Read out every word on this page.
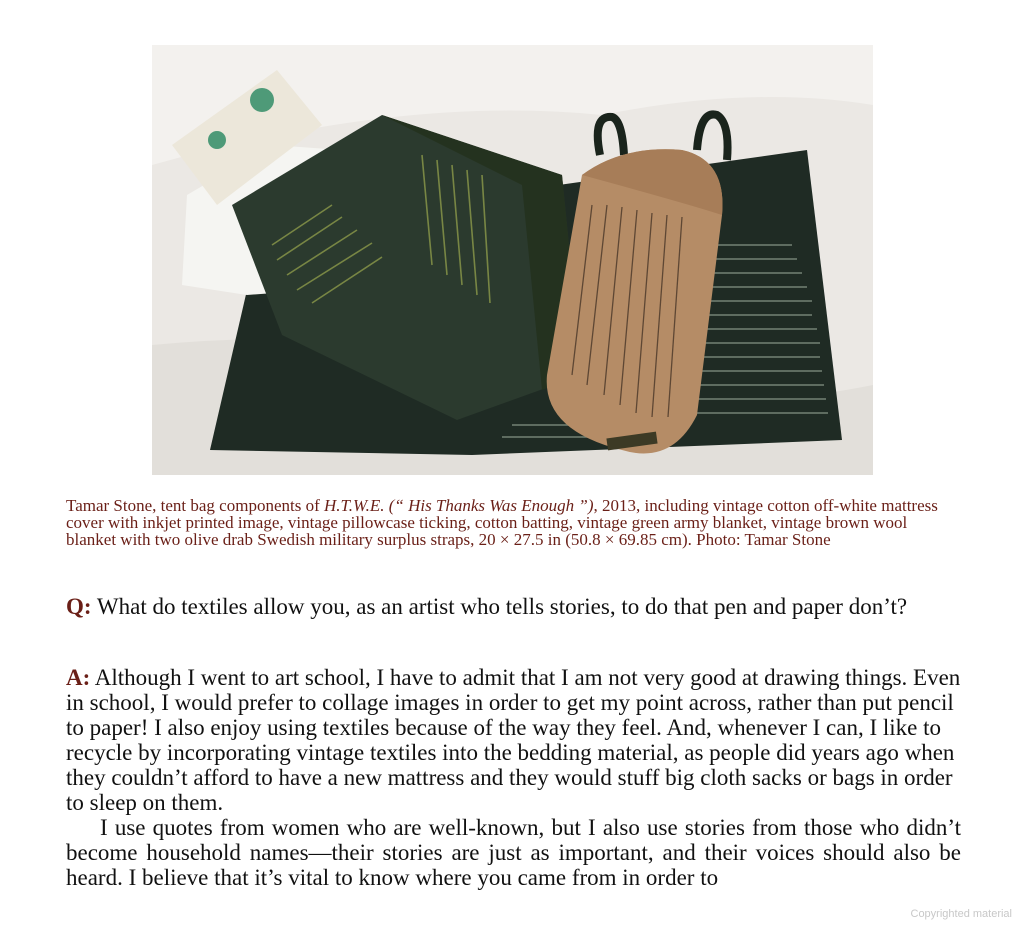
Tamar Stone, tent bag components of H.T.W.E. (“ His Thanks Was Enough ”), 2013, including vintage cotton off-white mattress cover with inkjet printed image, vintage pillowcase ticking, cotton batting, vintage green army blanket, vintage brown wool blanket with two olive drab Swedish military surplus straps, 20 × 27.5 in (50.8 × 69.85 cm). Photo: Tamar Stone
Q: What do textiles allow you, as an artist who tells stories, to do that pen and paper don’t?

A: Although I went to art school, I have to admit that I am not very good at drawing things. Even in school, I would prefer to collage images in order to get my point across, rather than put pencil to paper! I also enjoy using textiles because of the way they feel. And, whenever I can, I like to recycle by incorporating vintage textiles into the bedding material, as people did years ago when they couldn’t afford to have a new mattress and they would stuff big cloth sacks or bags in order to sleep on them.

I use quotes from women who are well-known, but I also use stories from those who didn’t become household names—their stories are just as important, and their voices should also be heard. I believe that it’s vital to know where you came from in order to

Copyrighted material
